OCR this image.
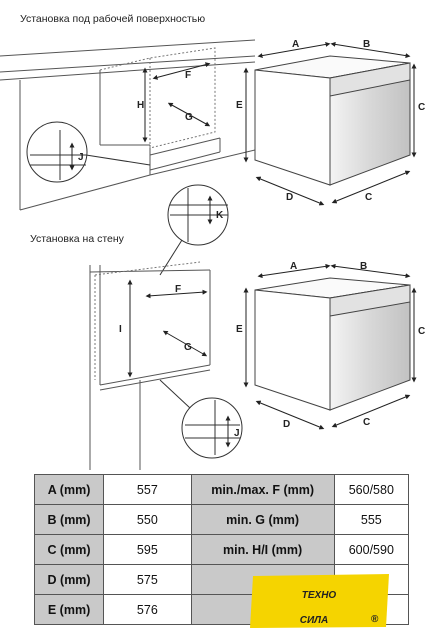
Установка под рабочей поверхностью
Установка на стену
H
F
G
J
A	B
C
E
D	C
K
I
F
G
J
A	B
C
E
D	C
A (mm)	557	min./max. F (mm)	560/580
B (mm)	550	min. G (mm)	555
C (mm)	595	min. H/I (mm)	600/590
D (mm)	575		
E (mm)	576		
ТЕХНО
СИЛА	®
